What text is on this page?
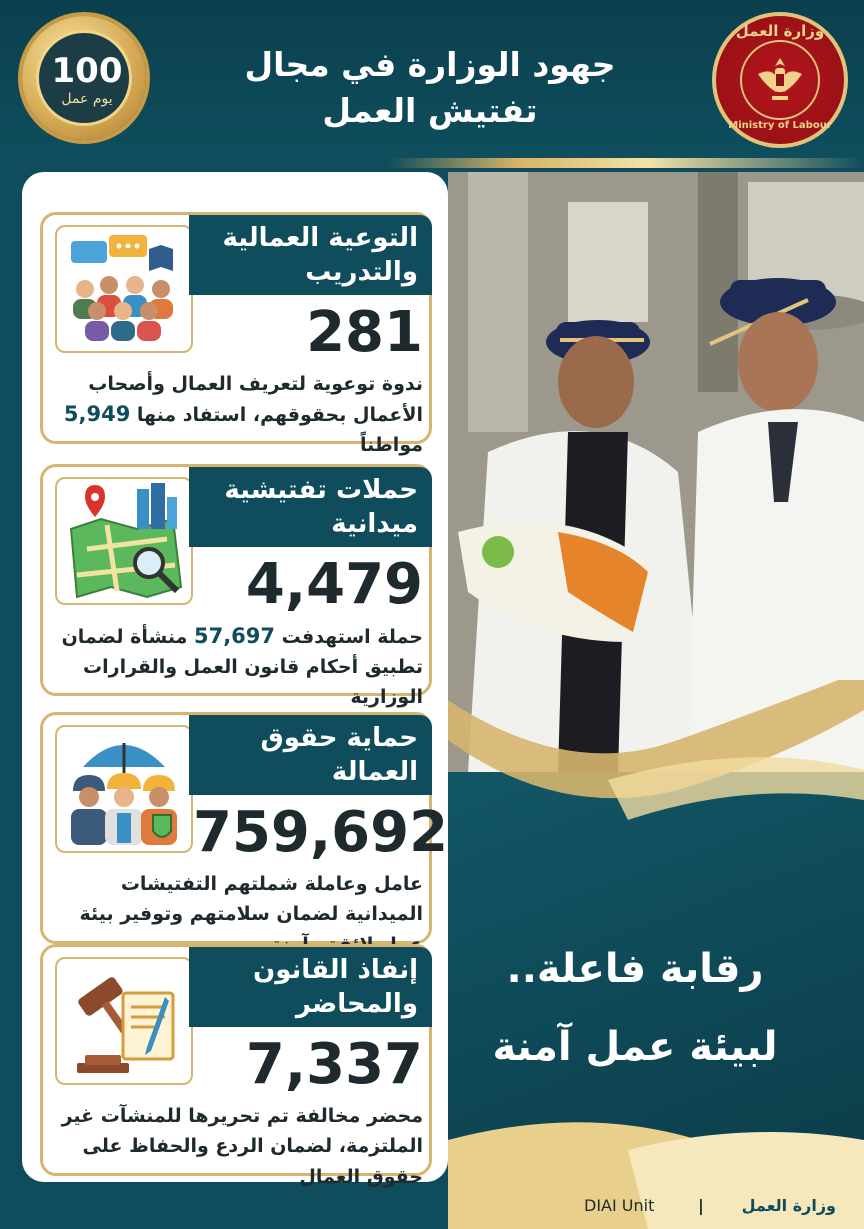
100
يوم عمل
جهود الوزارة في مجال
تفتيش العمل
وزارة العمل
Ministry of Labour
التوعية العمالية والتدريب
281
ندوة توعوية لتعريف العمال وأصحاب الأعمال بحقوقهم، استفاد منها 5,949 مواطناً
حملات تفتيشية ميدانية
4,479
حملة استهدفت 57,697 منشأة لضمان تطبيق أحكام قانون العمل والقرارات الوزارية
حماية حقوق العمالة
759,692
عامل وعاملة شملتهم التفتيشات الميدانية لضمان سلامتهم وتوفير بيئة
إنفاذ القانون والمحاضر
7,337
محضر مخالفة تم تحريرها للمنشآت غير الملتزمة، لضمان الردع والحفاظ على حقوق العمال
رقابة فاعلة..
لبيئة عمل آمنة
DIAI Unit	| وزارة العمل
